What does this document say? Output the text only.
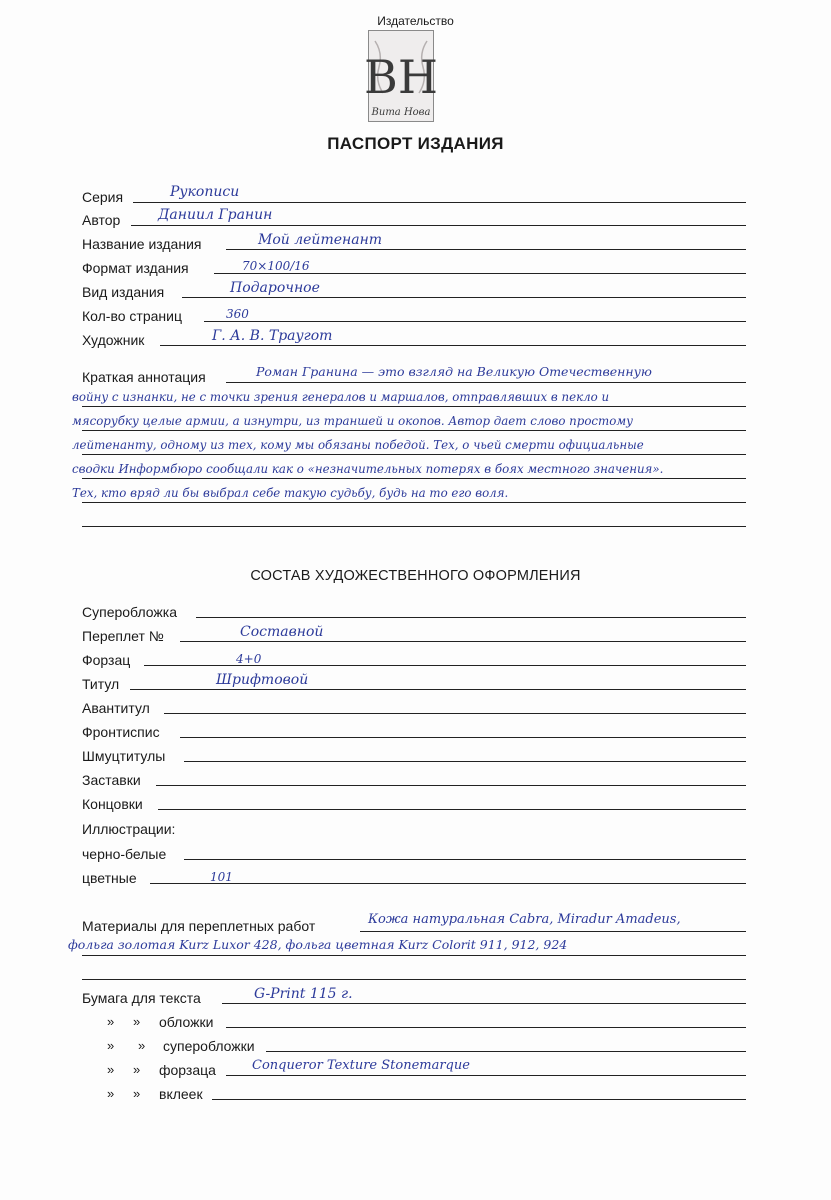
Издательство
ВН
Вита Нова
ПАСПОРТ ИЗДАНИЯ
Серия	Рукописи
Автор	Даниил Гранин
Название издания	Мой лейтенант
Формат издания	70×100/16
Вид издания	Подарочное
Кол-во страниц	360
Художник	Г. А. В. Траугот
Краткая аннотация	Роман Гранина — это взгляд на Великую Отечественную
войну с изнанки, не с точки зрения генералов и маршалов, отправлявших в пекло и
мясорубку целые армии, а изнутри, из траншей и окопов. Автор дает слово простому
лейтенанту, одному из тех, кому мы обязаны победой. Тех, о чьей смерти официальные
сводки Информбюро сообщали как о «незначительных потерях в боях местного значения».
Тех, кто вряд ли бы выбрал себе такую судьбу, будь на то его воля.
СОСТАВ ХУДОЖЕСТВЕННОГО ОФОРМЛЕНИЯ
Суперобложка
Переплет №	Составной
Форзац	4+0
Титул	Шрифтовой
Авантитул
Фронтиспис
Шмуцтитулы
Заставки
Концовки
Иллюстрации:
черно-белые
цветные	101
Материалы для переплетных работ	Кожа натуральная Cabra, Miradur Amadeus,
фольга золотая Kurz Luxor 428, фольга цветная Kurz Colorit 911, 912, 924
Бумага для текста	G-Print 115 г.
» » обложки
» » суперобложки
» » форзаца	Conqueror Texture Stonemarque
» » вклеек
